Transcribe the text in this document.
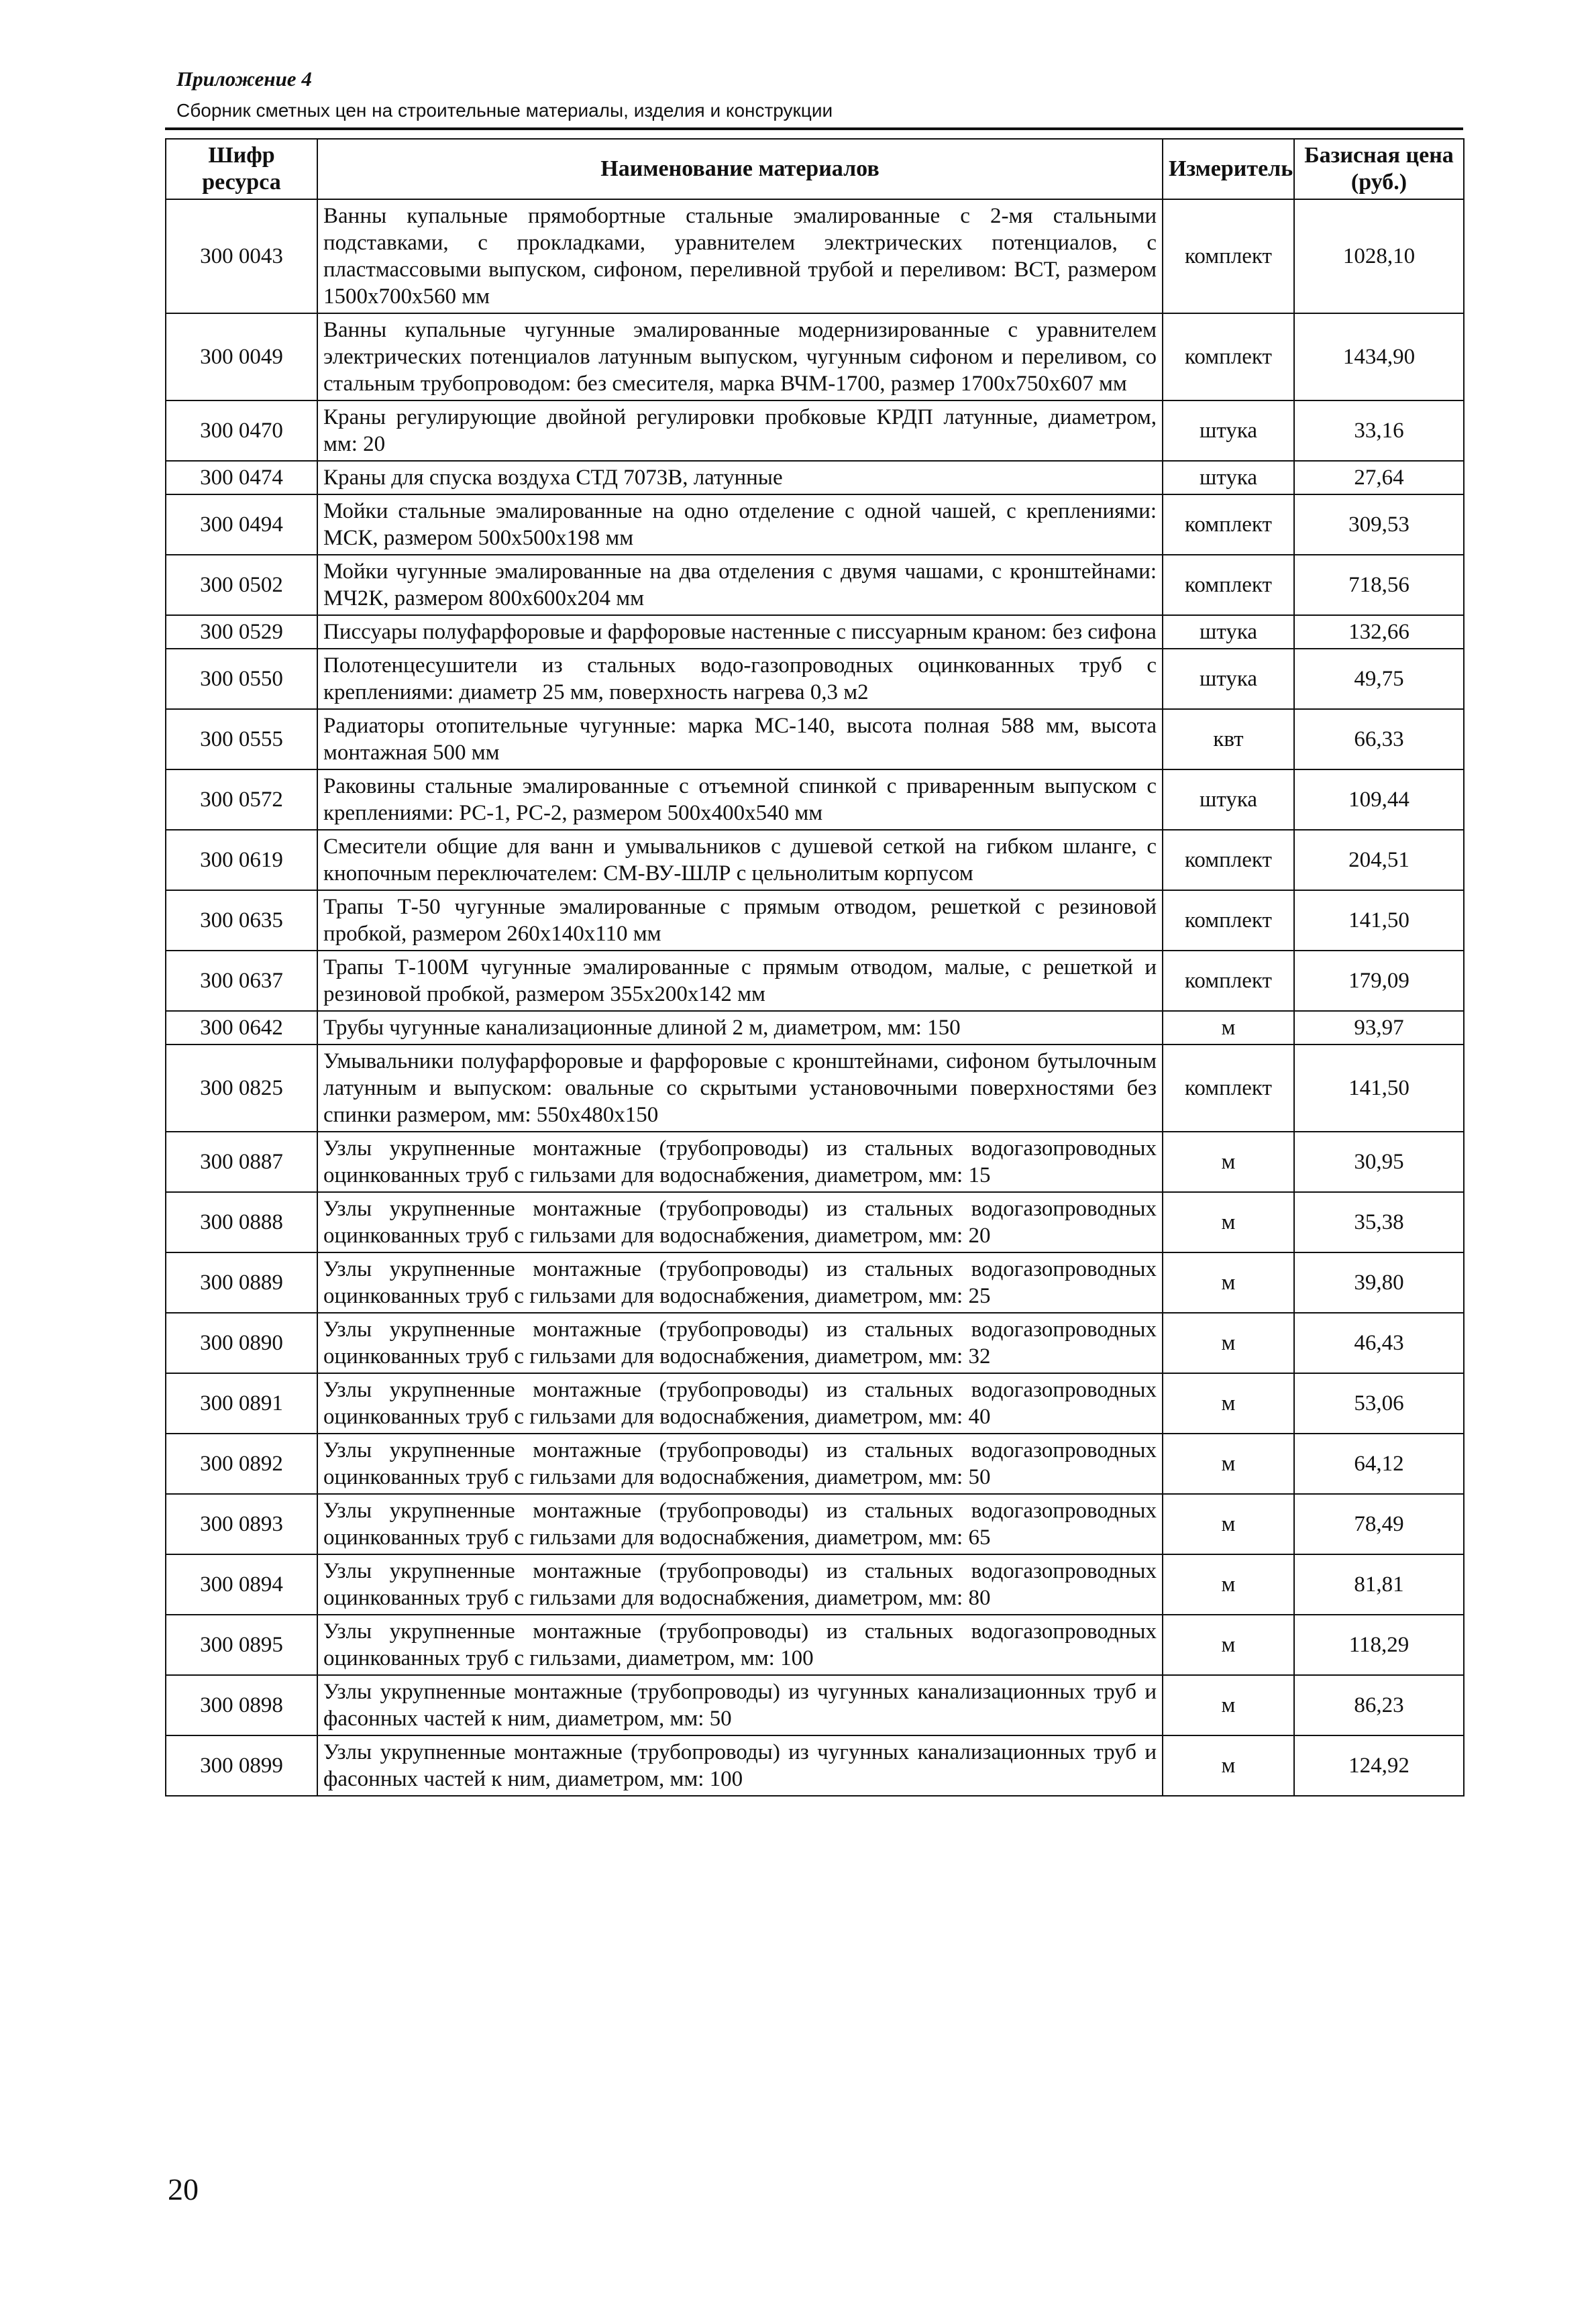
Приложение 4
Сборник сметных цен на строительные материалы, изделия и конструкции
Шифр ресурса	Наименование материалов	Измеритель	Базисная цена (руб.)
300 0043	Ванны купальные прямобортные стальные эмалированные с 2-мя стальными подставками, с прокладками, уравнителем электрических потенциалов, с пластмассовыми выпуском, сифоном, переливной трубой и переливом: ВСТ, размером 1500х700х560 мм	комплект	1028,10
300 0049	Ванны купальные чугунные эмалированные модернизированные с уравнителем электрических потенциалов латунным выпуском, чугунным сифоном и переливом, со стальным трубопроводом: без смесителя, марка ВЧМ-1700, размер 1700х750х607 мм	комплект	1434,90
300 0470	Краны регулирующие двойной регулировки пробковые КРДП латунные, диаметром, мм: 20	штука	33,16
300 0474	Краны для спуска воздуха СТД 7073В, латунные	штука	27,64
300 0494	Мойки стальные эмалированные на одно отделение с одной чашей, с креплениями: МСК, размером 500х500х198 мм	комплект	309,53
300 0502	Мойки чугунные эмалированные на два отделения с двумя чашами, с кронштейнами: МЧ2К, размером 800х600х204 мм	комплект	718,56
300 0529	Писсуары полуфарфоровые и фарфоровые настенные с писсуарным краном: без сифона	штука	132,66
300 0550	Полотенцесушители из стальных водо-газопроводных оцинкованных труб с креплениями: диаметр 25 мм, поверхность нагрева 0,3 м2	штука	49,75
300 0555	Радиаторы отопительные чугунные: марка МС-140, высота полная 588 мм, высота монтажная 500 мм	квт	66,33
300 0572	Раковины стальные эмалированные с отъемной спинкой с приваренным выпуском с креплениями: РС-1, РС-2, размером 500х400х540 мм	штука	109,44
300 0619	Смесители общие для ванн и умывальников с душевой сеткой на гибком шланге, с кнопочным переключателем: СМ-ВУ-ШЛР с цельнолитым корпусом	комплект	204,51
300 0635	Трапы Т-50 чугунные эмалированные с прямым отводом, решеткой с резиновой пробкой, размером 260х140х110 мм	комплект	141,50
300 0637	Трапы Т-100М чугунные эмалированные с прямым отводом, малые, с решеткой и резиновой пробкой, размером 355х200х142 мм	комплект	179,09
300 0642	Трубы чугунные канализационные длиной 2 м, диаметром, мм: 150	м	93,97
300 0825	Умывальники полуфарфоровые и фарфоровые с кронштейнами, сифоном бутылочным латунным и выпуском: овальные со скрытыми установочными поверхностями без спинки размером, мм: 550х480х150	комплект	141,50
300 0887	Узлы укрупненные монтажные (трубопроводы) из стальных водогазопроводных оцинкованных труб с гильзами для водоснабжения, диаметром, мм: 15	м	30,95
300 0888	Узлы укрупненные монтажные (трубопроводы) из стальных водогазопроводных оцинкованных труб с гильзами для водоснабжения, диаметром, мм: 20	м	35,38
300 0889	Узлы укрупненные монтажные (трубопроводы) из стальных водогазопроводных оцинкованных труб с гильзами для водоснабжения, диаметром, мм: 25	м	39,80
300 0890	Узлы укрупненные монтажные (трубопроводы) из стальных водогазопроводных оцинкованных труб с гильзами для водоснабжения, диаметром, мм: 32	м	46,43
300 0891	Узлы укрупненные монтажные (трубопроводы) из стальных водогазопроводных оцинкованных труб с гильзами для водоснабжения, диаметром, мм: 40	м	53,06
300 0892	Узлы укрупненные монтажные (трубопроводы) из стальных водогазопроводных оцинкованных труб с гильзами для водоснабжения, диаметром, мм: 50	м	64,12
300 0893	Узлы укрупненные монтажные (трубопроводы) из стальных водогазопроводных оцинкованных труб с гильзами для водоснабжения, диаметром, мм: 65	м	78,49
300 0894	Узлы укрупненные монтажные (трубопроводы) из стальных водогазопроводных оцинкованных труб с гильзами для водоснабжения, диаметром, мм: 80	м	81,81
300 0895	Узлы укрупненные монтажные (трубопроводы) из стальных водогазопроводных оцинкованных труб с гильзами, диаметром, мм: 100	м	118,29
300 0898	Узлы укрупненные монтажные (трубопроводы) из чугунных канализационных труб и фасонных частей к ним, диаметром, мм: 50	м	86,23
300 0899	Узлы укрупненные монтажные (трубопроводы) из чугунных канализационных труб и фасонных частей к ним, диаметром, мм: 100	м	124,92
20
